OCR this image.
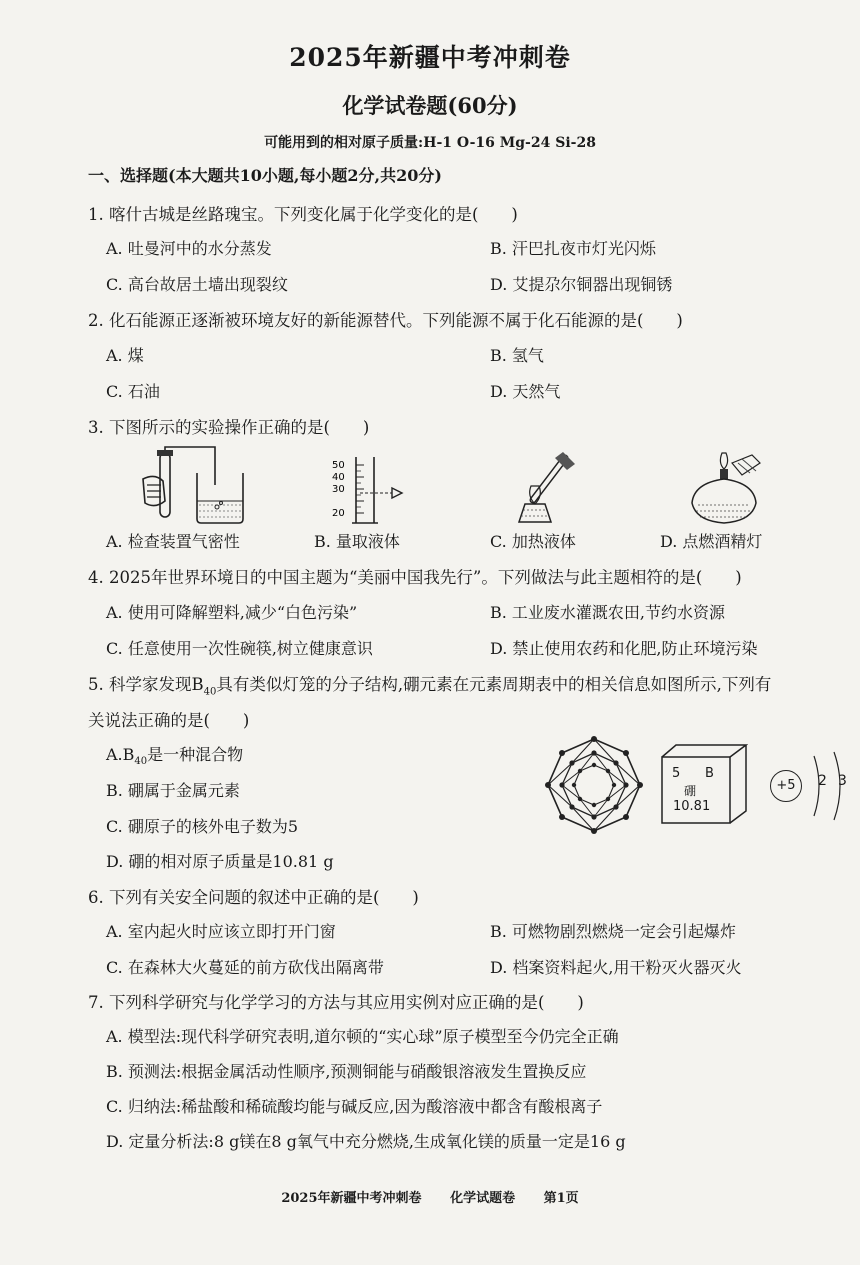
2025年新疆中考冲刺卷
化学试卷题(60分)
可能用到的相对原子质量:H-1 O-16 Mg-24 Si-28
一、选择题(本大题共10小题,每小题2分,共20分)
1. 喀什古城是丝路瑰宝。下列变化属于化学变化的是(　　)
A. 吐曼河中的水分蒸发	B. 汗巴扎夜市灯光闪烁
C. 高台故居土墙出现裂纹	D. 艾提尕尔铜器出现铜锈
2. 化石能源正逐渐被环境友好的新能源替代。下列能源不属于化石能源的是(　　)
A. 煤	B. 氢气
C. 石油	D. 天然气
3. 下图所示的实验操作正确的是(　　)
50
40
30
20
A. 检查装置气密性	B. 量取液体	C. 加热液体	D. 点燃酒精灯
4. 2025年世界环境日的中国主题为“美丽中国我先行”。下列做法与此主题相符的是(　　)
A. 使用可降解塑料,减少“白色污染”	B. 工业废水灌溉农田,节约水资源
C. 任意使用一次性碗筷,树立健康意识	D. 禁止使用农药和化肥,防止环境污染
5. 科学家发现$B_{40}$具有类似灯笼的分子结构,硼元素在元素周期表中的相关信息如图所示,下列有
关说法正确的是(　　)
$A.B_{40}$是一种混合物
B. 硼属于金属元素
C. 硼原子的核外电子数为5
D. 硼的相对原子质量是10.81 g
5 B
硼
10.81
+5	2 3
6. 下列有关安全问题的叙述中正确的是(　　)
A. 室内起火时应该立即打开门窗	B. 可燃物剧烈燃烧一定会引起爆炸
C. 在森林大火蔓延的前方砍伐出隔离带	D. 档案资料起火,用干粉灭火器灭火
7. 下列科学研究与化学学习的方法与其应用实例对应正确的是(　　)
A. 模型法:现代科学研究表明,道尔顿的“实心球”原子模型至今仍完全正确
B. 预测法:根据金属活动性顺序,预测铜能与硝酸银溶液发生置换反应
C. 归纳法:稀盐酸和稀硫酸均能与碱反应,因为酸溶液中都含有酸根离子
D. 定量分析法:8 g镁在8 g氧气中充分燃烧,生成氧化镁的质量一定是16 g
2025年新疆中考冲刺卷 化学试题卷 第1页
